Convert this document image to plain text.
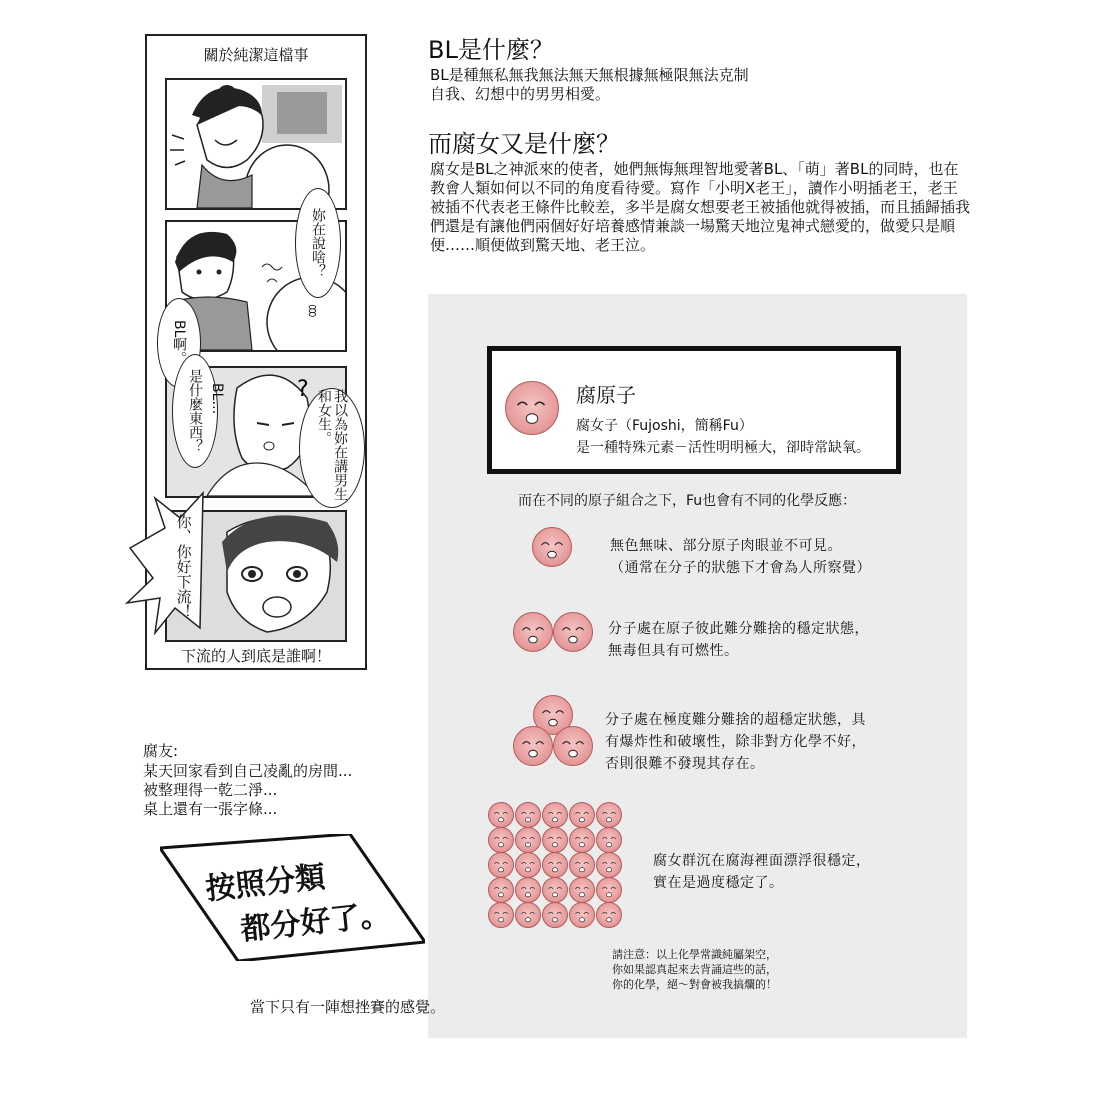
關於純潔這檔事
ꊞ
?
妳在說啥？
BL啊。
是什麼東西？ BL…	我以為妳在講男生和女生。
你、你好下流！
下流的人到底是誰啊！
BL是什麼？
BL是種無私無我無法無天無根據無極限無法克制自我、幻想中的男男相愛。
而腐女又是什麼？
腐女是BL之神派來的使者，她們無悔無理智地愛著BL、「萌」著BL的同時，也在教會人類如何以不同的角度看待愛。寫作「小明X老王」，讀作小明插老王，老王被插不代表老王條件比較差，多半是腐女想要老王被插他就得被插，而且插歸插我們還是有讓他們兩個好好培養感情兼談一場驚天地泣鬼神式戀愛的，做愛只是順便……順便做到驚天地、老王泣。
腐原子
腐女子（Fujoshi，簡稱Fu）
是一種特殊元素－活性明明極大，卻時常缺氧。
而在不同的原子組合之下，Fu也會有不同的化學反應：
無色無味、部分原子肉眼並不可見。
（通常在分子的狀態下才會為人所察覺）
分子處在原子彼此難分難捨的穩定狀態，
無毒但具有可燃性。
分子處在極度難分難捨的超穩定狀態，具
有爆炸性和破壞性，除非對方化學不好，
否則很難不發現其存在。
腐女群沉在腐海裡面漂浮很穩定，
實在是過度穩定了。
請注意：以上化學常識純屬架空，
你如果認真起來去背誦這些的話，
你的化學，絕～對會被我搞爛的！
腐友:
某天回家看到自己凌亂的房間...
被整理得一乾二淨...
桌上還有一張字條...
按照分類
都分好了。
當下只有一陣想挫賽的感覺。
